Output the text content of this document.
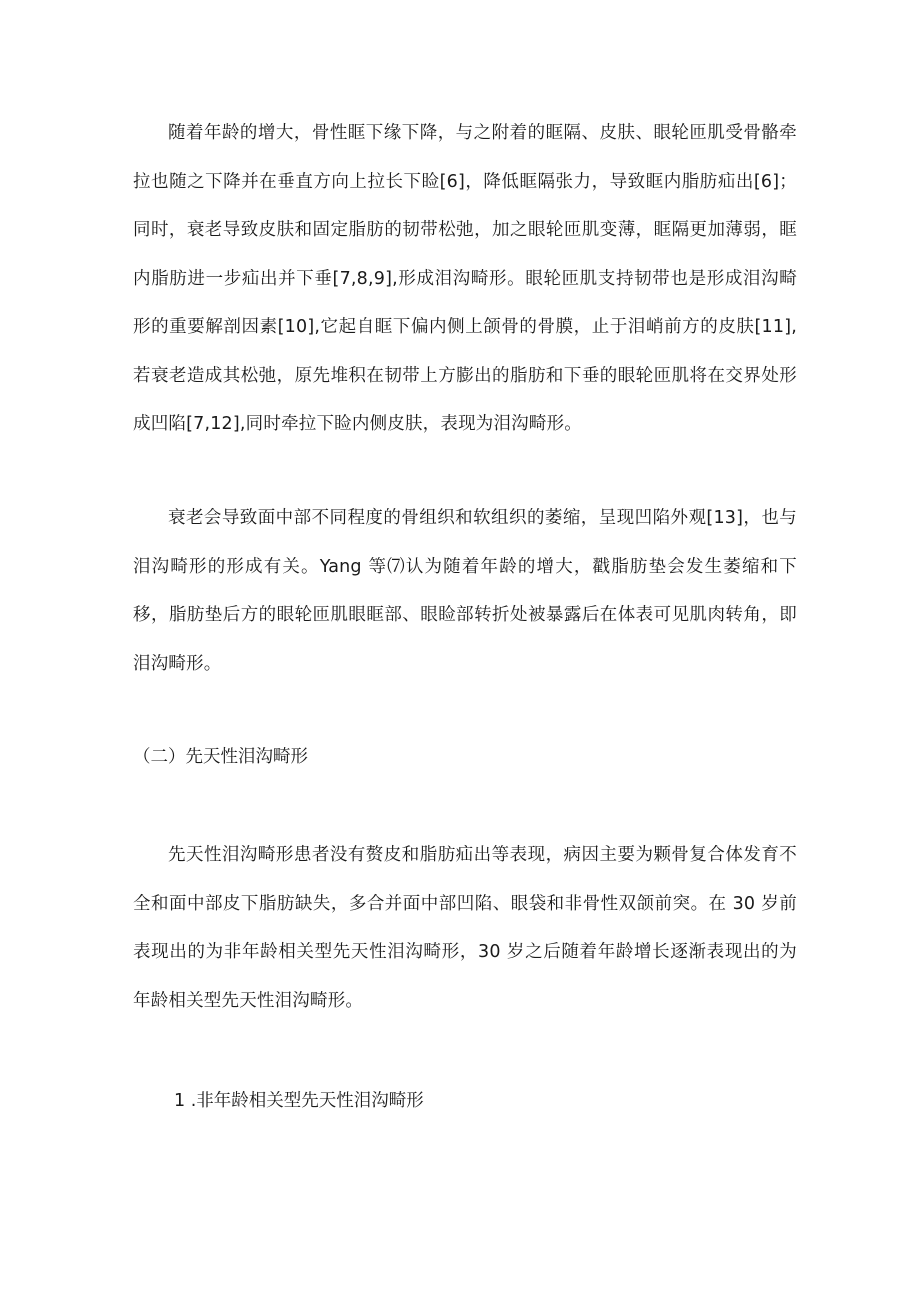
随着年龄的增大，骨性眶下缘下降，与之附着的眶隔、皮肤、眼轮匝肌受骨骼牵拉也随之下降并在垂直方向上拉长下睑[6]，降低眶隔张力，导致眶内脂肪疝出[6]；同时，衰老导致皮肤和固定脂肪的韧带松弛，加之眼轮匝肌变薄，眶隔更加薄弱，眶内脂肪进一步疝出并下垂[7,8,9],形成泪沟畸形。眼轮匝肌支持韧带也是形成泪沟畸形的重要解剖因素[10],它起自眶下偏内侧上颌骨的骨膜，止于泪峭前方的皮肤[11],若衰老造成其松弛，原先堆积在韧带上方膨出的脂肪和下垂的眼轮匝肌将在交界处形成凹陷[7,12],同时牵拉下睑内侧皮肤，表现为泪沟畸形。

衰老会导致面中部不同程度的骨组织和软组织的萎缩，呈现凹陷外观[13]，也与泪沟畸形的形成有关。Yang 等⑺认为随着年龄的增大，戳脂肪垫会发生萎缩和下移，脂肪垫后方的眼轮匝肌眼眶部、眼睑部转折处被暴露后在体表可见肌肉转角，即泪沟畸形。

（二）先天性泪沟畸形

先天性泪沟畸形患者没有赘皮和脂肪疝出等表现，病因主要为颗骨复合体发育不全和面中部皮下脂肪缺失，多合并面中部凹陷、眼袋和非骨性双颌前突。在 30 岁前表现出的为非年龄相关型先天性泪沟畸形，30 岁之后随着年龄增长逐渐表现出的为年龄相关型先天性泪沟畸形。

1 .非年龄相关型先天性泪沟畸形
